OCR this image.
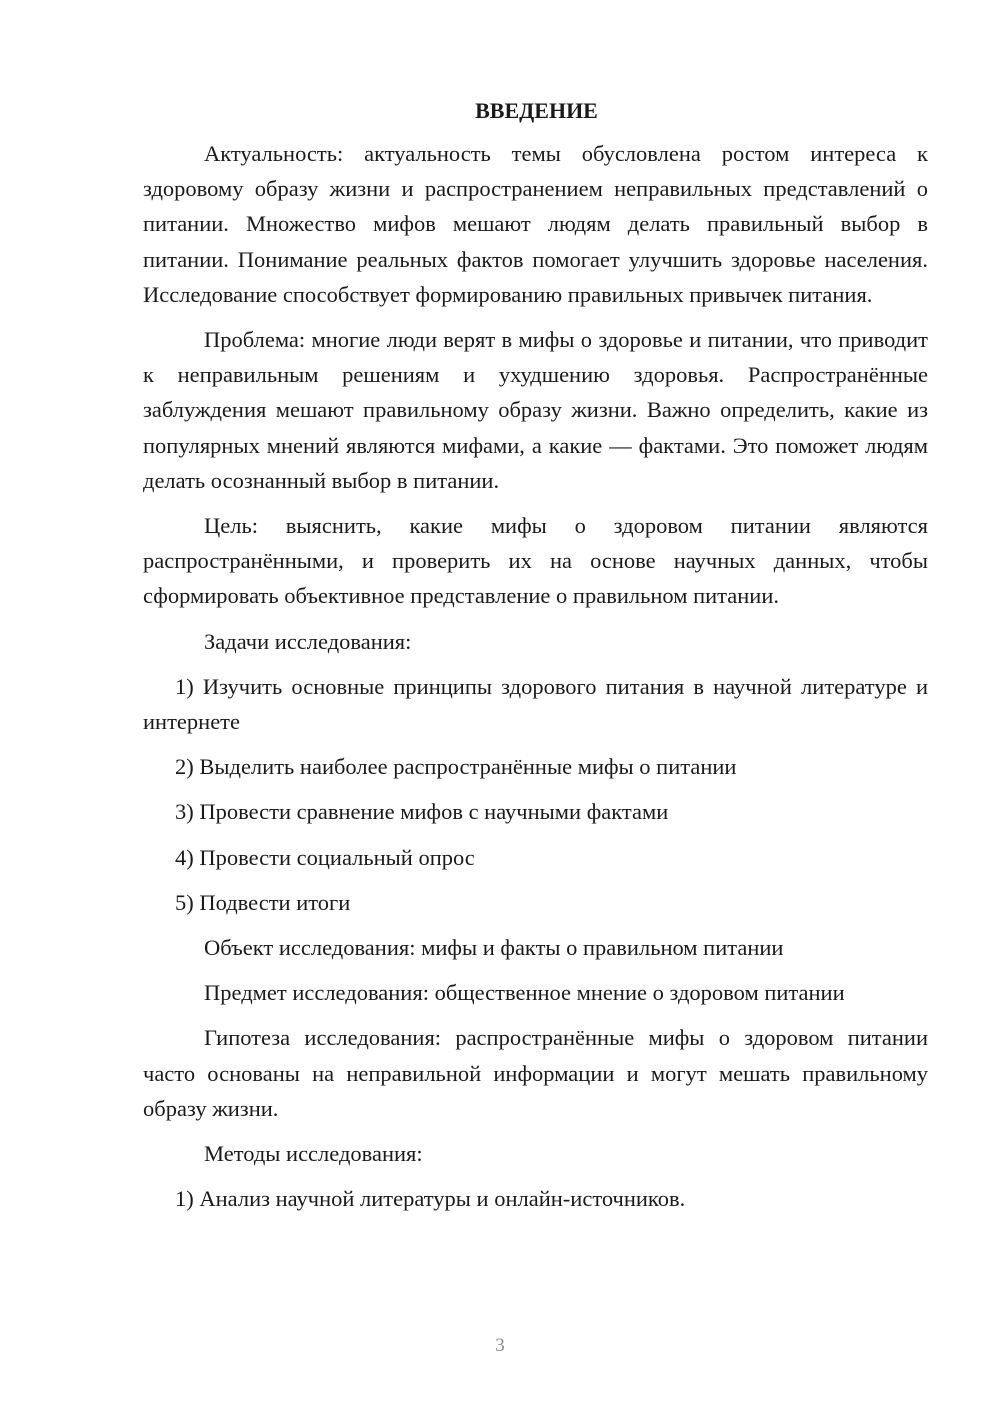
ВВЕДЕНИЕ

Актуальность: актуальность темы обусловлена ростом интереса к здоровому образу жизни и распространением неправильных представлений о питании. Множество мифов мешают людям делать правильный выбор в питании. Понимание реальных фактов помогает улучшить здоровье населения. Исследование способствует формированию правильных привычек питания.

Проблема: многие люди верят в мифы о здоровье и питании, что приводит к неправильным решениям и ухудшению здоровья. Распространённые заблуждения мешают правильному образу жизни. Важно определить, какие из популярных мнений являются мифами, а какие — фактами. Это поможет людям делать осознанный выбор в питании.

Цель: выяснить, какие мифы о здоровом питании являются распространёнными, и проверить их на основе научных данных, чтобы сформировать объективное представление о правильном питании.

Задачи исследования:

1) Изучить основные принципы здорового питания в научной литературе и интернете

2) Выделить наиболее распространённые мифы о питании

3) Провести сравнение мифов с научными фактами

4) Провести социальный опрос

5) Подвести итоги

Объект исследования: мифы и факты о правильном питании

Предмет исследования: общественное мнение о здоровом питании

Гипотеза исследования: распространённые мифы о здоровом питании часто основаны на неправильной информации и могут мешать правильному образу жизни.

Методы исследования:

1) Анализ научной литературы и онлайн-источников.

3
